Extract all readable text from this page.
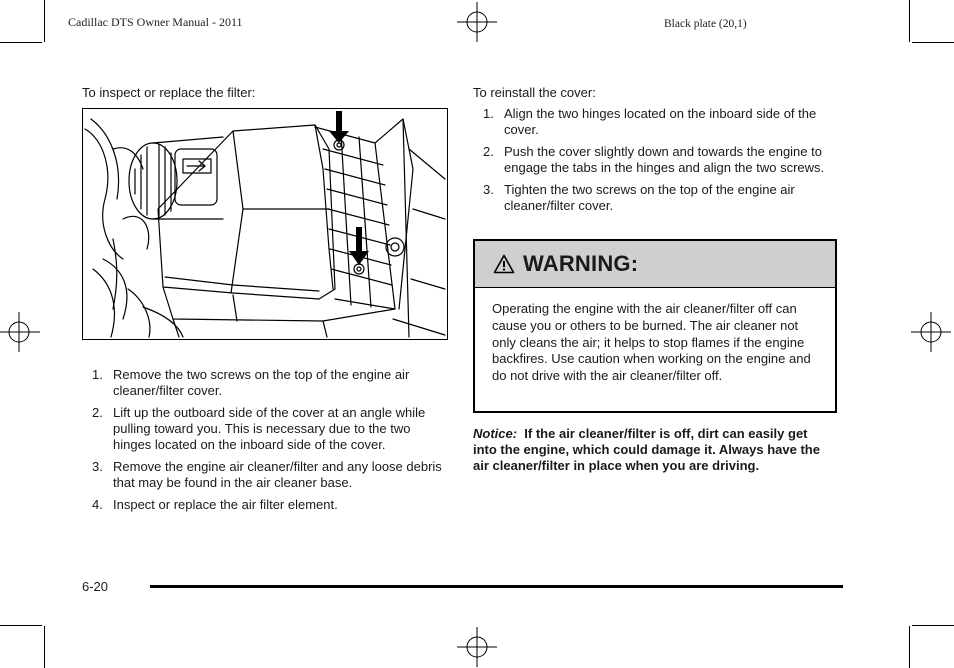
Cadillac DTS Owner Manual - 2011	Black plate (20,1)
To inspect or replace the filter:
1. Remove the two screws on the top of the engine air cleaner/filter cover.
2. Lift up the outboard side of the cover at an angle while pulling toward you. This is necessary due to the two hinges located on the inboard side of the cover.
3. Remove the engine air cleaner/filter and any loose debris that may be found in the air cleaner base.
4. Inspect or replace the air filter element.
To reinstall the cover:
1. Align the two hinges located on the inboard side of the cover.
2. Push the cover slightly down and towards the engine to engage the tabs in the hinges and align the two screws.
3. Tighten the two screws on the top of the engine air cleaner/filter cover.
WARNING:
Operating the engine with the air cleaner/filter off can cause you or others to be burned. The air cleaner not only cleans the air; it helps to stop flames if the engine backfires. Use caution when working on the engine and do not drive with the air cleaner/filter off.
Notice: If the air cleaner/filter is off, dirt can easily get into the engine, which could damage it. Always have the air cleaner/filter in place when you are driving.
6-20
